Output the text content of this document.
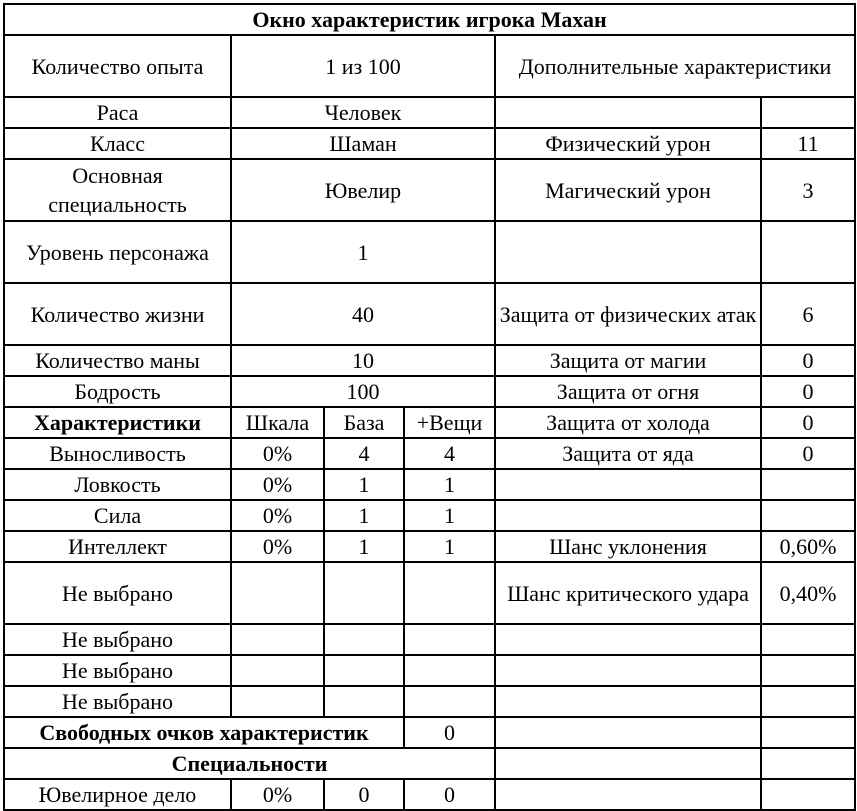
Окно характеристик игрока Махан					
Количество опыта	1 из 100			Дополнительные характеристики	
Раса	Человек				
Класс	Шаман			Физический урон	11
Основная специальность	Ювелир			Магический урон	3
Уровень персонажа	1				
Количество жизни	40			Защита от физических атак	6
Количество маны	10			Защита от магии	0
Бодрость	100			Защита от огня	0
Характеристики	Шкала	База	+Вещи	Защита от холода	0
Выносливость	0%	4	4	Защита от яда	0
Ловкость	0%	1	1		
Сила	0%	1	1		
Интеллект	0%	1	1	Шанс уклонения	0,60%
Не выбрано				Шанс критического удара	0,40%
Не выбрано					
Не выбрано					
Не выбрано					
Свободных очков характеристик			0		
Специальности					
Ювелирное дело	0%	0	0		
